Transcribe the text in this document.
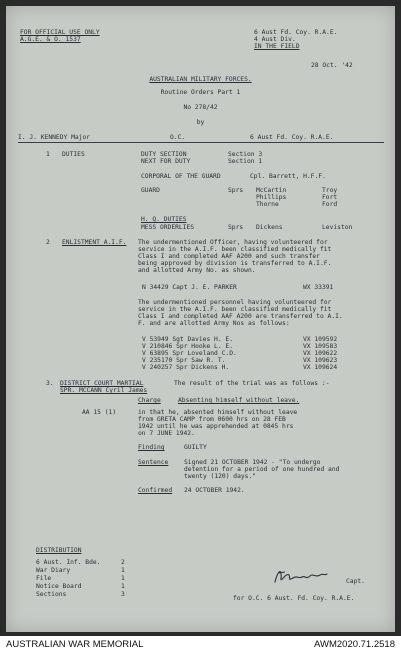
FOR OFFICIAL USE ONLY
A.G.E. & O. 1537
6 Aust Fd. Coy. R.A.E.
4 Aust Div.
IN THE FIELD
28 Oct. '42
AUSTRALIAN MILITARY FORCES.
Routine Orders Part 1
No 278/42
by
I. J. KENNEDY Major	O.C.	6 Aust Fd. Coy. R.A.E.
1 DUTIES	DUTY SECTION	Section 3
NEXT FOR DUTY	Section 1
CORPORAL OF THE GUARD	Cpl. Barrett, H.F.F.
GUARD	Sprs McCartin	Troy
Phillips	Fort
Thorne	Ford
H. Q. DUTIES
MESS ORDERLIES	Sprs Dickens	Leviston
2 ENLISTMENT A.I.F. The undermentioned Officer, having volunteered for
service in the A.I.F. been classified medically fit
Class I and completed AAF A200 and such transfer
being approved by division is transferred to A.I.F.
and allotted Army No. as shown.
N 34429 Capt J. E. PARKER	WX 33391
The undermentioned personnel having volunteered for
service in the A.I.F. been classified medically fit
Class I and completed AAF A200 are transferred to A.I.
F. and are allotted Army Nos as follows:
V 53949 Sgt Davies H. E.	VX 109592
V 210846 Spr Hooke L. E.	VX 109583
V 63895 Spr Loveland C.D.	VX 109622
V 235170 Spr Saw R. T.	VX 109623
V 240257 Spr Dickens H.	VX 109624
3. DISTRICT COURT MARTIAL
SPR. MCCANN Cyril James
The result of the trial was as follows :-
Charge	Absenting himself without leave.
AA 15 (1)	in that he, absented himself without leave
from GRETA CAMP from 0600 hrs on 28 FEB
1942 until he was apprehended at 0845 hrs
on 7 JUNE 1942.
Finding	GUILTY
Sentence Signed 21 OCTOBER 1942 - "To undergo
detention for a period of one hundred and
twenty (120) days."
Confirmed 24 OCTOBER 1942.
DISTRIBUTION
6 Aust. Inf. Bde.	2
War Diary	1
File	1
Notice Board	1
Sections	3
Capt.
for O.C. 6 Aust. Fd. Coy. R.A.E.
AUSTRALIAN WAR MEMORIAL	AWM2020.71.2518
